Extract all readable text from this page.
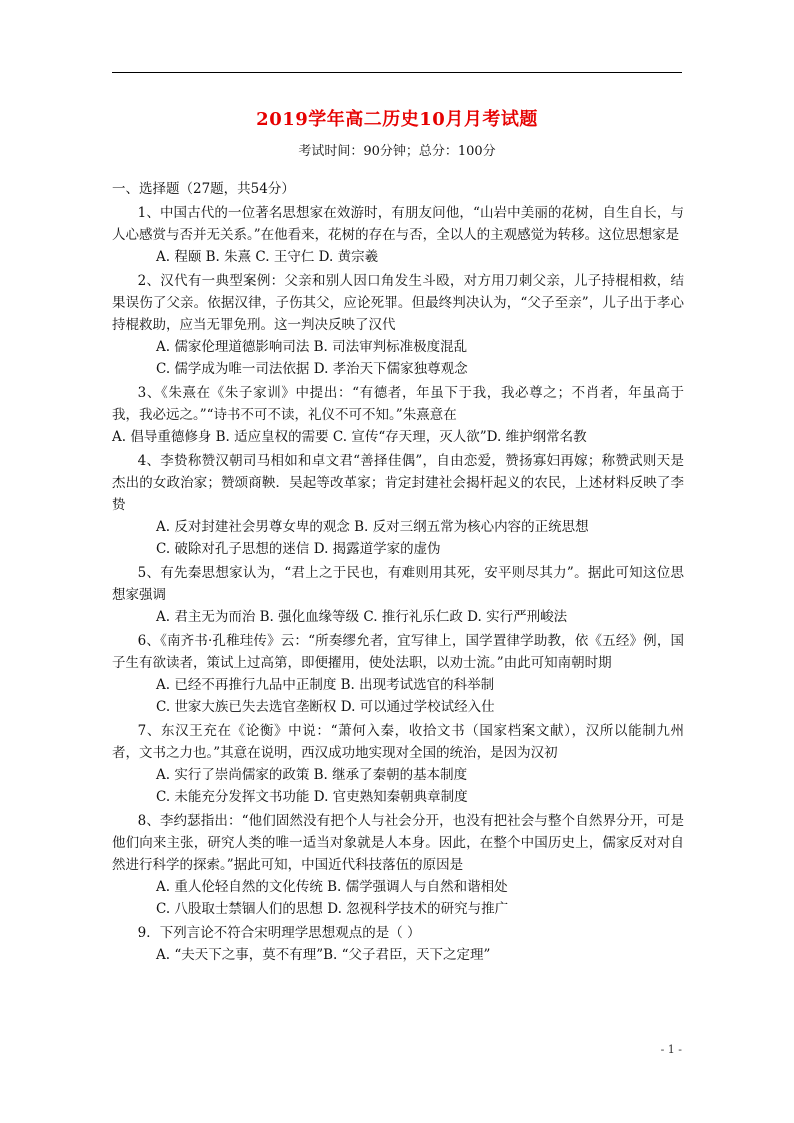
2019学年高二历史10月月考试题
考试时间：90分钟；总分：100分
一、选择题（27题，共54分）
1、中国古代的一位著名思想家在效游时，有朋友问他，“山岩中美丽的花树，自生自长，与人心感赏与否并无关系。”在他看来，花树的存在与否，全以人的主观感觉为转移。这位思想家是
A. 程颐 B. 朱熹 C. 王守仁 D. 黄宗羲
2、汉代有一典型案例：父亲和别人因口角发生斗殴，对方用刀刺父亲，儿子持棍相救，结果误伤了父亲。依据汉律，子伤其父，应论死罪。但最终判决认为，“父子至亲”，儿子出于孝心持棍救助，应当无罪免刑。这一判决反映了汉代
A. 儒家伦理道德影响司法 B. 司法审判标准极度混乱
C. 儒学成为唯一司法依据 D. 孝治天下儒家独尊观念
3、《朱熹在《朱子家训》中提出：“有德者，年虽下于我，我必尊之；不肖者，年虽高于我，我必远之。”“诗书不可不读，礼仪不可不知。”朱熹意在
A. 倡导重德修身 B. 适应皇权的需要 C. 宣传“存天理，灭人欲”D. 维护纲常名教
4、李贽称赞汉朝司马相如和卓文君“善择佳偶”，自由恋爱，赞扬寡妇再嫁；称赞武则天是杰出的女政治家；赞颂商鞅．吴起等改革家；肯定封建社会揭杆起义的农民，上述材料反映了李贽
A. 反对封建社会男尊女卑的观念 B. 反对三纲五常为核心内容的正统思想
C. 破除对孔子思想的迷信 D. 揭露道学家的虚伪
5、有先秦思想家认为，“君上之于民也，有难则用其死，安平则尽其力”。据此可知这位思想家强调
A. 君主无为而治 B. 强化血缘等级 C. 推行礼乐仁政 D. 实行严刑峻法
6、《南齐书·孔稚珪传》云：“所奏缪允者，宜写律上，国学置律学助教，依《五经》例，国子生有欲读者，策试上过高第，即便擢用，使处法职，以劝士流。”由此可知南朝时期
A. 已经不再推行九品中正制度 B. 出现考试选官的科举制
C. 世家大族已失去选官垄断权 D. 可以通过学校试经入仕
7、东汉王充在《论衡》中说：“萧何入秦，收拾文书（国家档案文献），汉所以能制九州者，文书之力也。”其意在说明，西汉成功地实现对全国的统治，是因为汉初
A. 实行了崇尚儒家的政策 B. 继承了秦朝的基本制度
C. 未能充分发挥文书功能 D. 官吏熟知秦朝典章制度
8、李约瑟指出：“他们固然没有把个人与社会分开，也没有把社会与整个自然界分开，可是他们向来主张，研究人类的唯一适当对象就是人本身。因此，在整个中国历史上，儒家反对对自然进行科学的探索。”据此可知，中国近代科技落伍的原因是
A. 重人伦轻自然的文化传统 B. 儒学强调人与自然和谐相处
C. 八股取士禁锢人们的思想 D. 忽视科学技术的研究与推广
9．下列言论不符合宋明理学思想观点的是（ ）
A. “夫天下之事，莫不有理”B. “父子君臣，天下之定理”
- 1 -
